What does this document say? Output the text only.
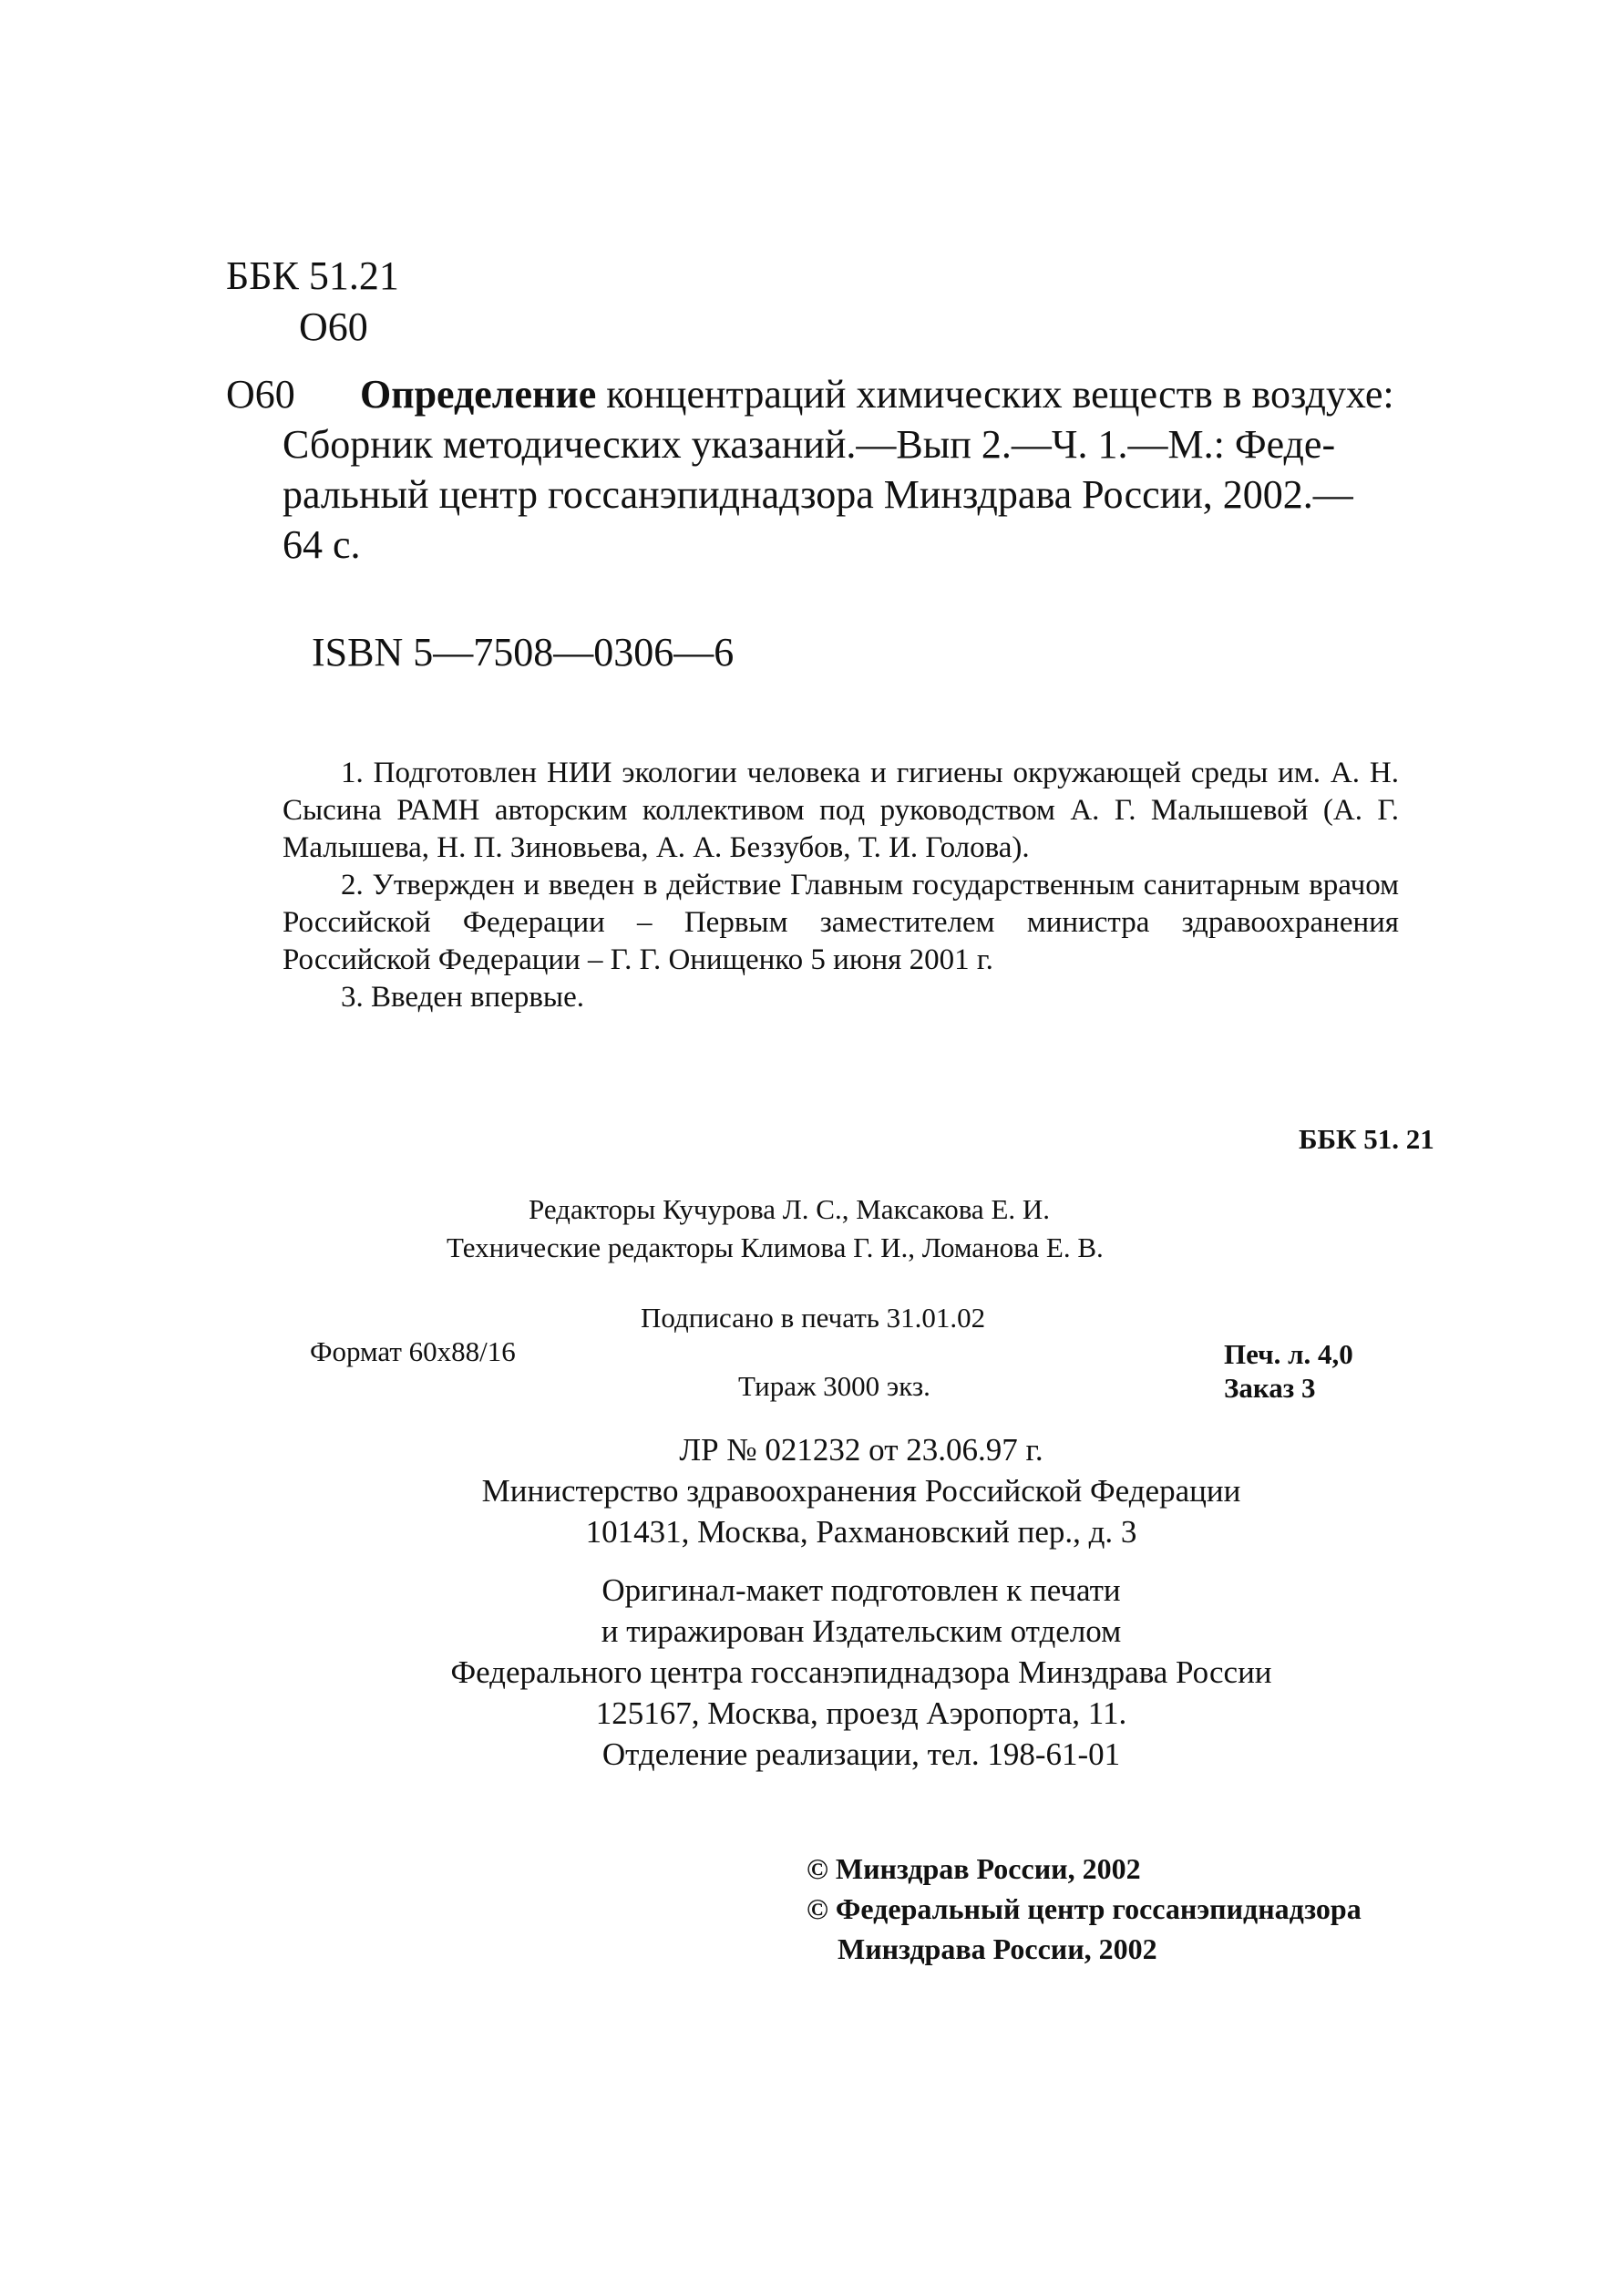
ББК 51.21
О60
О60 Определение концентраций химических веществ в воздухе:
Сборник методических указаний.—Вып 2.—Ч. 1.—М.: Феде-
ральный центр госсанэпиднадзора Минздрава России, 2002.—
64 с.
ISBN 5—7508—0306—6

1. Подготовлен НИИ экологии человека и гигиены окружающей среды им. А. Н. Сысина РАМН авторским коллективом под руководством А. Г. Малышевой (А. Г. Малышева, Н. П. Зиновьева, А. А. Беззубов, Т. И. Голова).

2. Утвержден и введен в действие Главным государственным санитарным врачом Российской Федерации – Первым заместителем министра здравоохранения Российской Федерации – Г. Г. Онищенко 5 июня 2001 г.

3. Введен впервые.

ББК 51. 21
Редакторы Кучурова Л. С., Максакова Е. И.
Технические редакторы Климова Г. И., Ломанова Е. В.
Подписано в печать 31.01.02
Формат 60x88/16	Печ. л. 4,0
Тираж 3000 экз.	Заказ 3
ЛР № 021232 от 23.06.97 г.
Министерство здравоохранения Российской Федерации
101431, Москва, Рахмановский пер., д. 3
Оригинал-макет подготовлен к печати
и тиражирован Издательским отделом
Федерального центра госсанэпиднадзора Минздрава России
125167, Москва, проезд Аэропорта, 11.
Отделение реализации, тел. 198-61-01
© Минздрав России, 2002
© Федеральный центр госсанэпиднадзора
Минздрава России, 2002
